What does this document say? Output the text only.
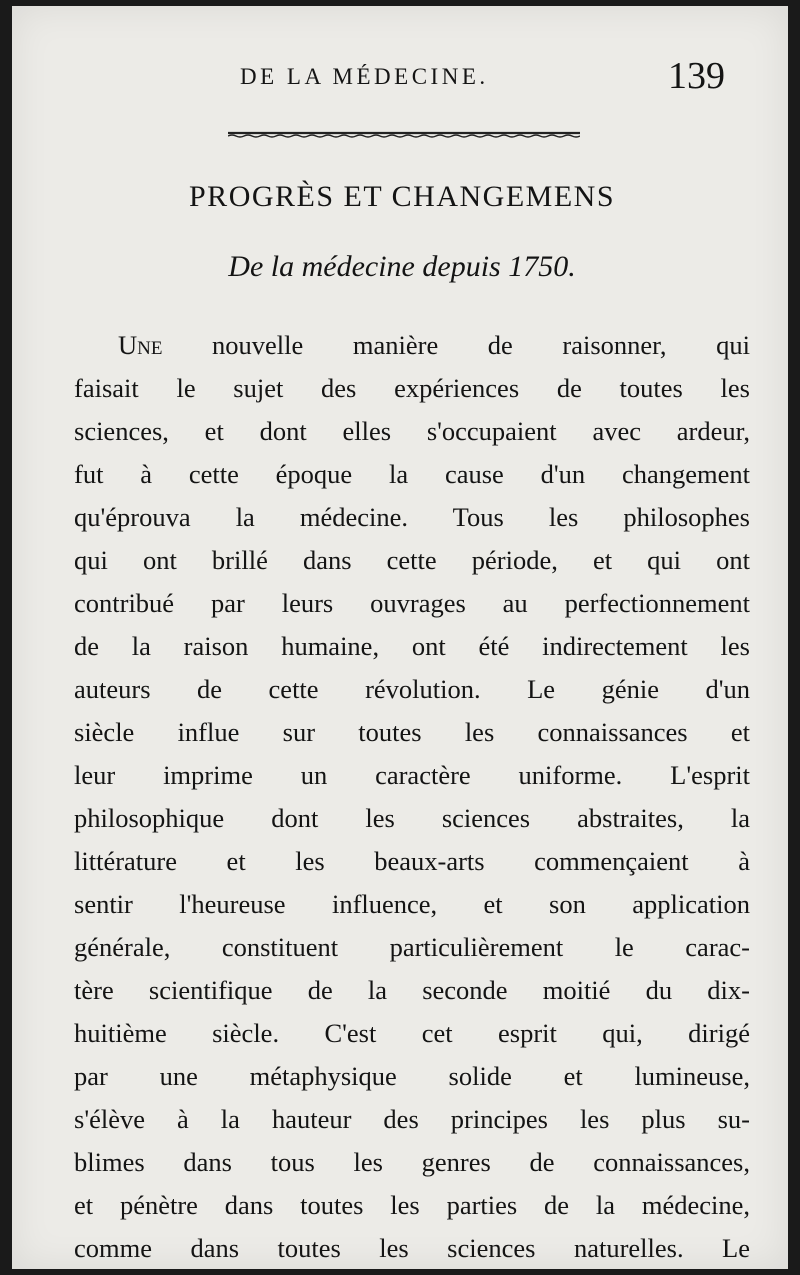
DE LA MÉDECINE.	139
PROGRÈS ET CHANGEMENS
De la médecine depuis 1750.
Une nouvelle manière de raisonner, qui
faisait le sujet des expériences de toutes les
sciences, et dont elles s'occupaient avec ardeur,
fut à cette époque la cause d'un changement
qu'éprouva la médecine. Tous les philosophes
qui ont brillé dans cette période, et qui ont
contribué par leurs ouvrages au perfectionnement
de la raison humaine, ont été indirectement les
auteurs de cette révolution. Le génie d'un
siècle influe sur toutes les connaissances et
leur imprime un caractère uniforme. L'esprit
philosophique dont les sciences abstraites, la
littérature et les beaux-arts commençaient à
sentir l'heureuse influence, et son application
générale, constituent particulièrement le carac-
tère scientifique de la seconde moitié du dix-
huitième siècle. C'est cet esprit qui, dirigé
par une métaphysique solide et lumineuse,
s'élève à la hauteur des principes les plus su-
blimes dans tous les genres de connaissances,
et pénètre dans toutes les parties de la médecine,
comme dans toutes les sciences naturelles. Le
